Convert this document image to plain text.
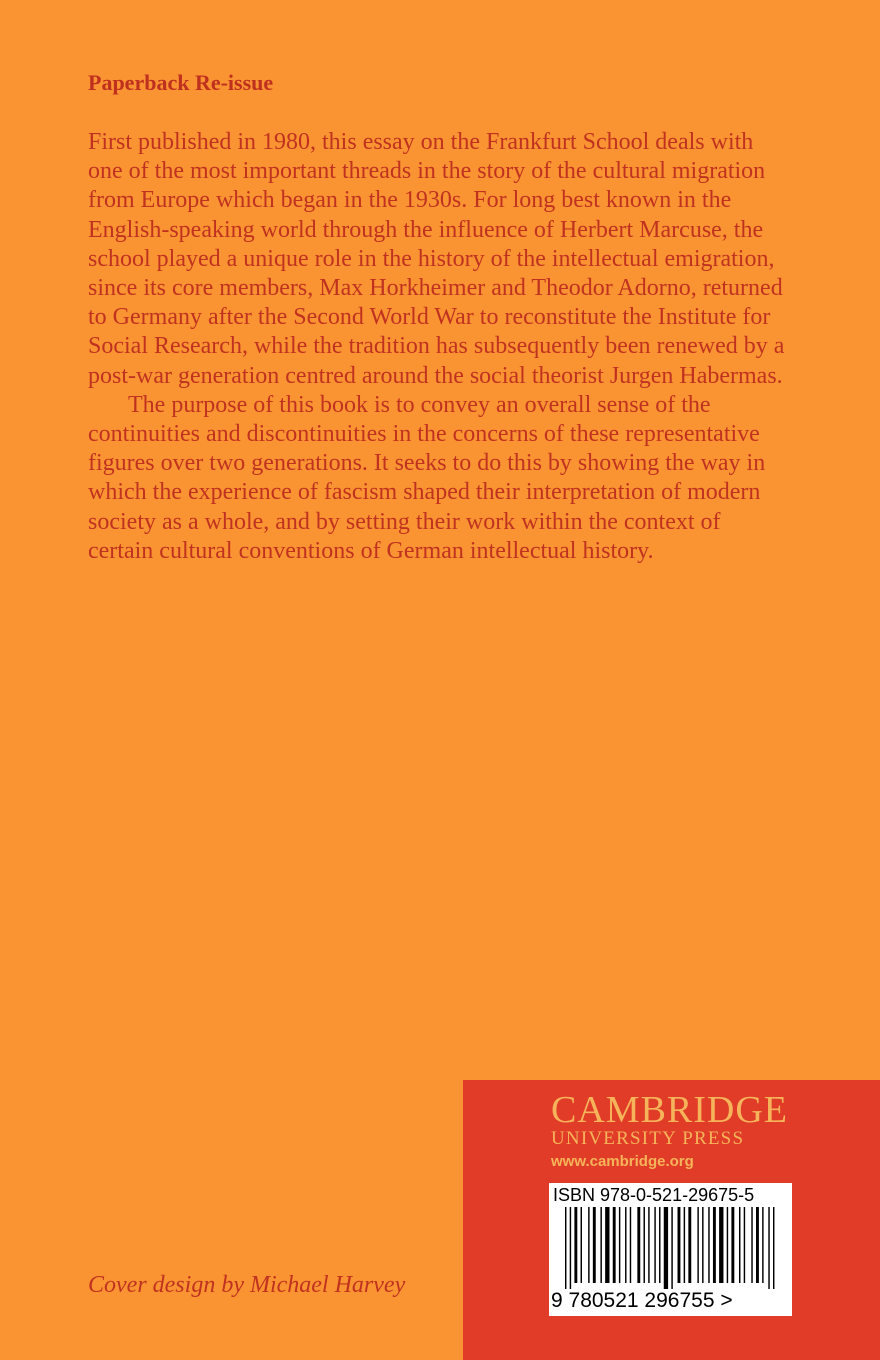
Paperback Re-issue

First published in 1980, this essay on the Frankfurt School deals with one of the most important threads in the story of the cultural migration from Europe which began in the 1930s. For long best known in the English-speaking world through the influence of Herbert Marcuse, the school played a unique role in the history of the intellectual emigration, since its core members, Max Horkheimer and Theodor Adorno, returned to Germany after the Second World War to reconstitute the Institute for Social Research, while the tradition has subsequently been renewed by a post-war generation centred around the social theorist Jurgen Habermas.

The purpose of this book is to convey an overall sense of the continuities and discontinuities in the concerns of these representative figures over two generations. It seeks to do this by showing the way in which the experience of fascism shaped their interpretation of modern society as a whole, and by setting their work within the context of certain cultural conventions of German intellectual history.

Cover design by Michael Harvey
CAMBRIDGE
UNIVERSITY PRESS
www.cambridge.org
ISBN 978-0-521-29675-5
9 780521 296755 >
